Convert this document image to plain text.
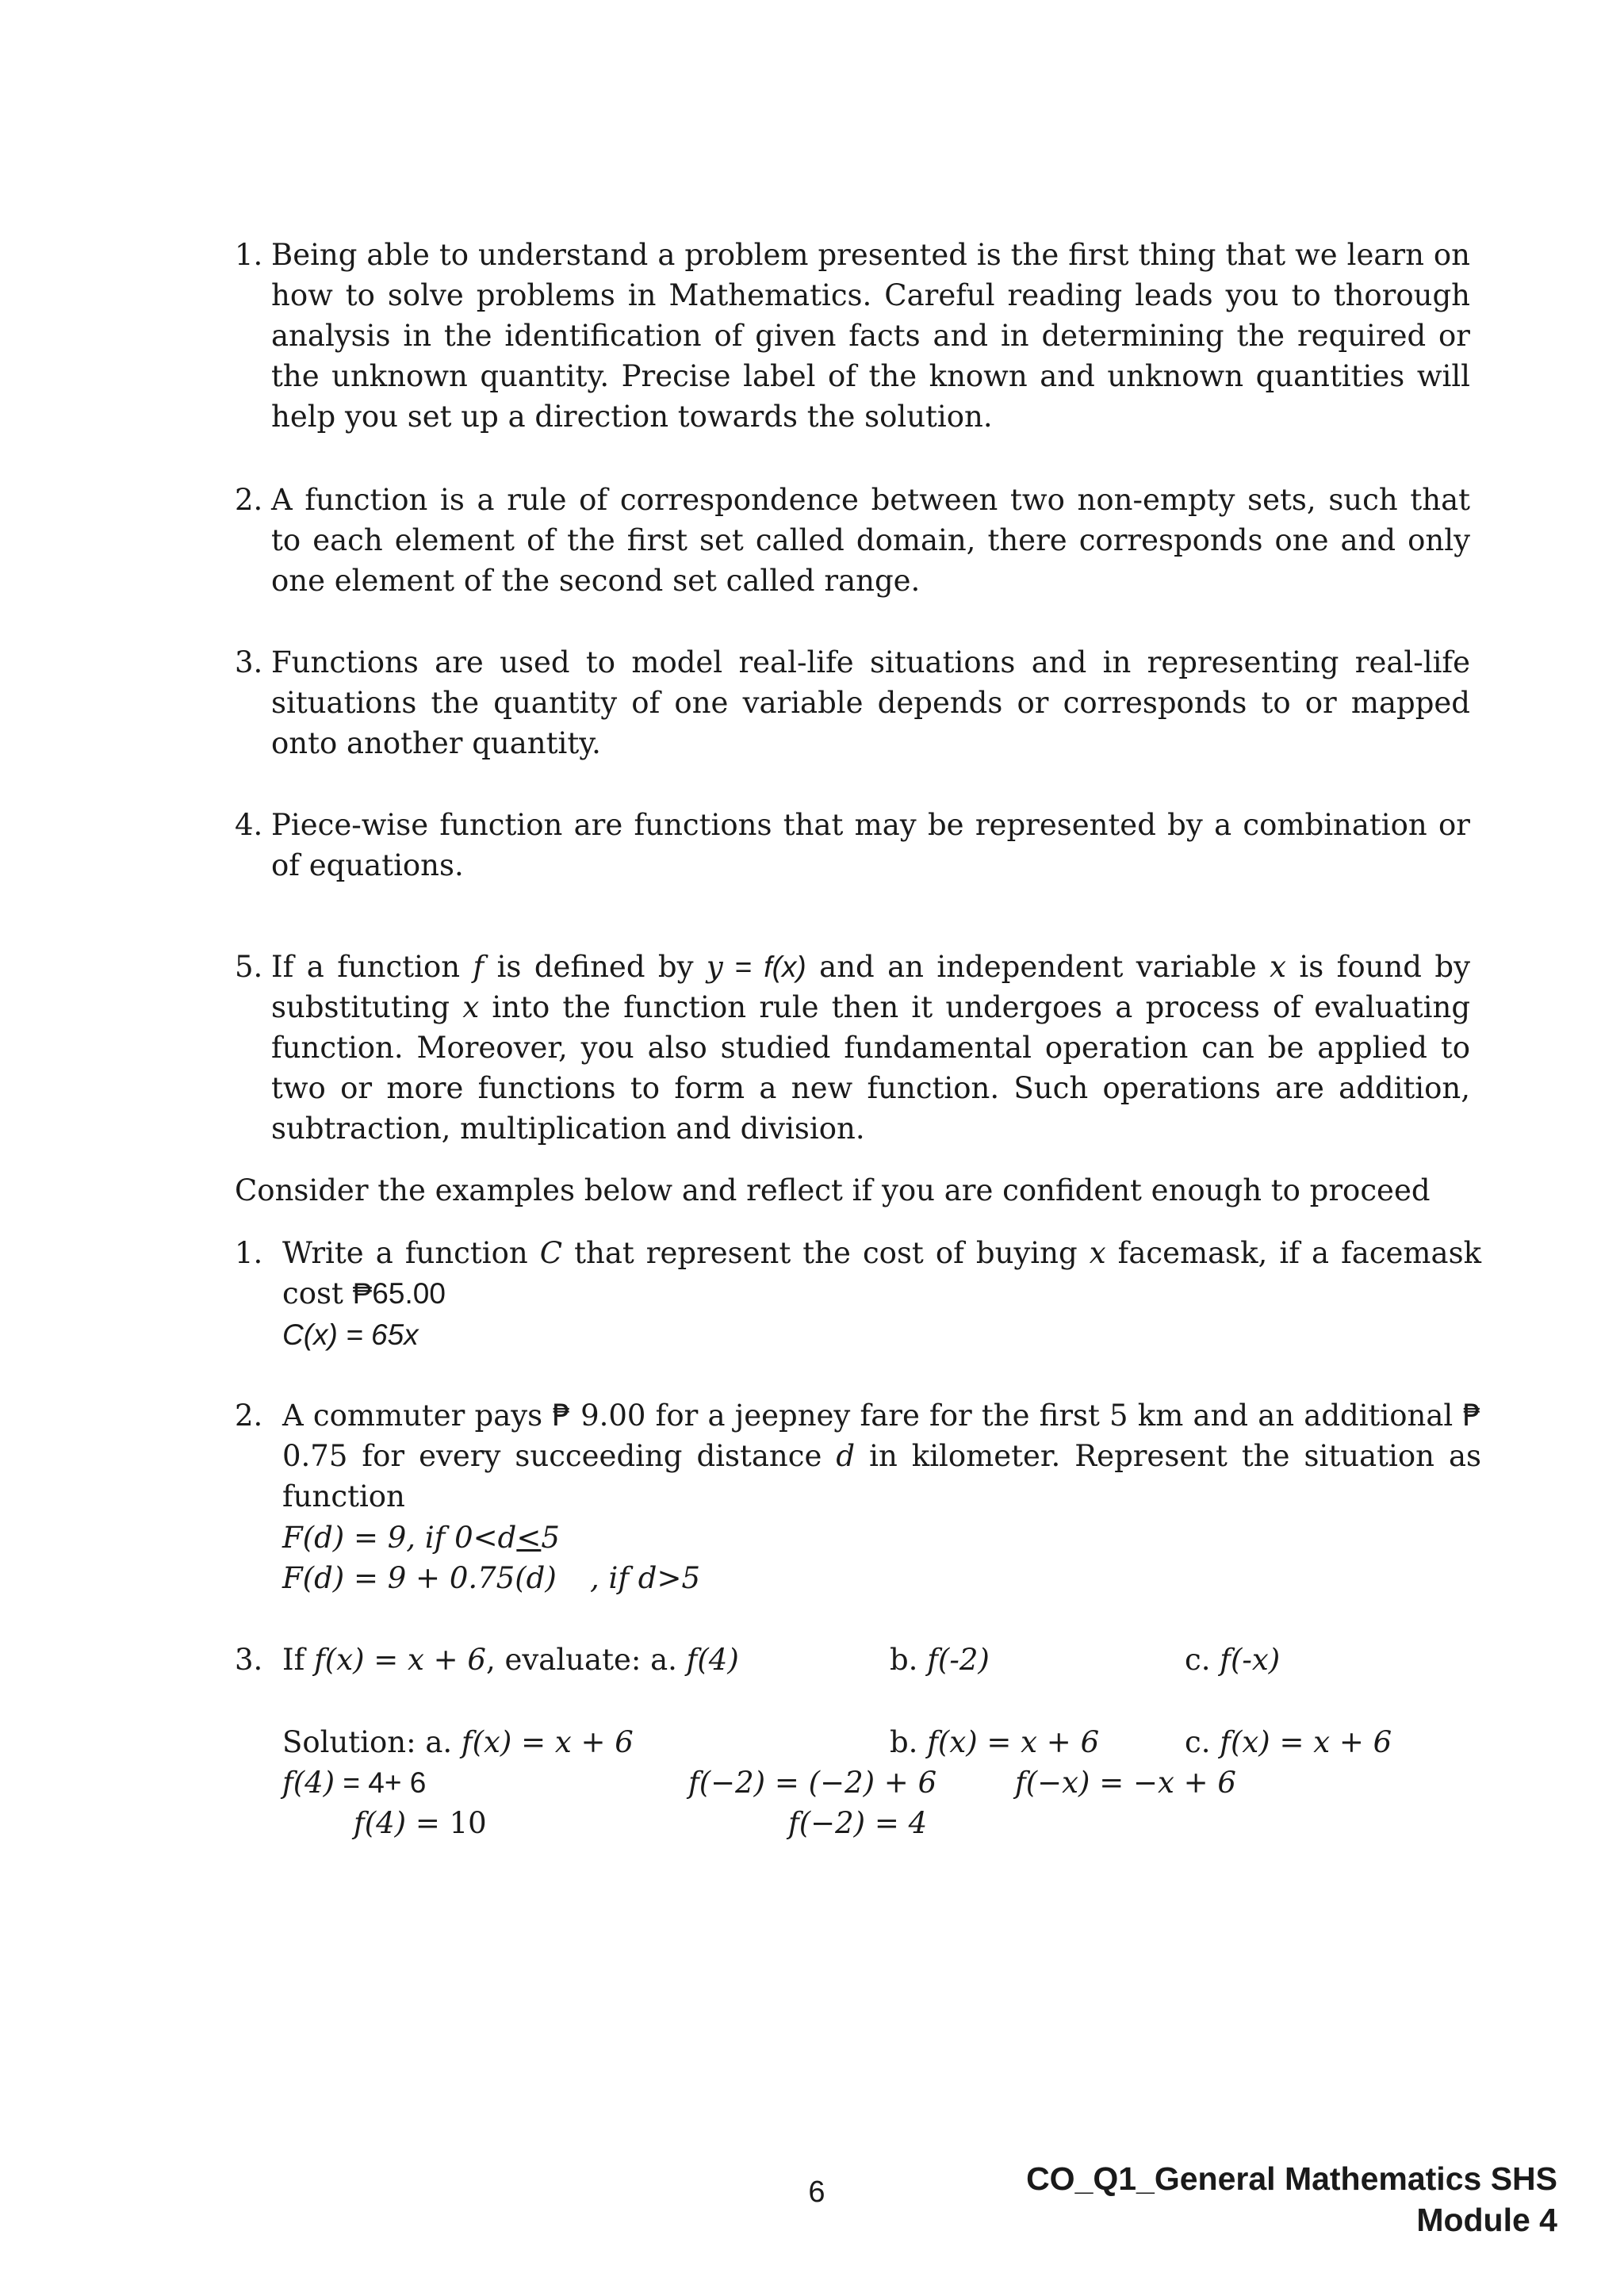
1. Being able to understand a problem presented is the first thing that we learn on how to solve problems in Mathematics. Careful reading leads you to thorough analysis in the identification of given facts and in determining the required or the unknown quantity. Precise label of the known and unknown quantities will help you set up a direction towards the solution.

2. A function is a rule of correspondence between two non-empty sets, such that to each element of the first set called domain, there corresponds one and only one element of the second set called range.

3. Functions are used to model real-life situations and in representing real-life situations the quantity of one variable depends or corresponds to or mapped onto another quantity.

4. Piece-wise function are functions that may be represented by a combination or of equations.

5. If a function f is defined by y = f(x) and an independent variable x is found by substituting x into the function rule then it undergoes a process of evaluating function. Moreover, you also studied fundamental operation can be applied to two or more functions to form a new function. Such operations are addition, subtraction, multiplication and division.

Consider the examples below and reflect if you are confident enough to proceed

1. Write a function C that represent the cost of buying x facemask, if a facemask cost ₱65.00

C(x) = 65x

2. A commuter pays ₱ 9.00 for a jeepney fare for the first 5 km and an additional ₱ 0.75 for every succeeding distance d in kilometer. Represent the situation as function

F(d) = 9, if 0<d<5

F(d) = 9 + 0.75(d) , if d>5

3. If f(x) = x + 6, evaluate: a. f(4)	b. f(-2)	c. f(-x)

Solution: a. f(x) = x + 6	b. f(x) = x + 6	c. f(x) = x + 6

f(4) = 4+ 6	f(−2) = (−2) + 6	f(−x) = −x + 6

f(4) = 10	f(−2) = 4

6	CO_Q1_General Mathematics SHS
Module 4
